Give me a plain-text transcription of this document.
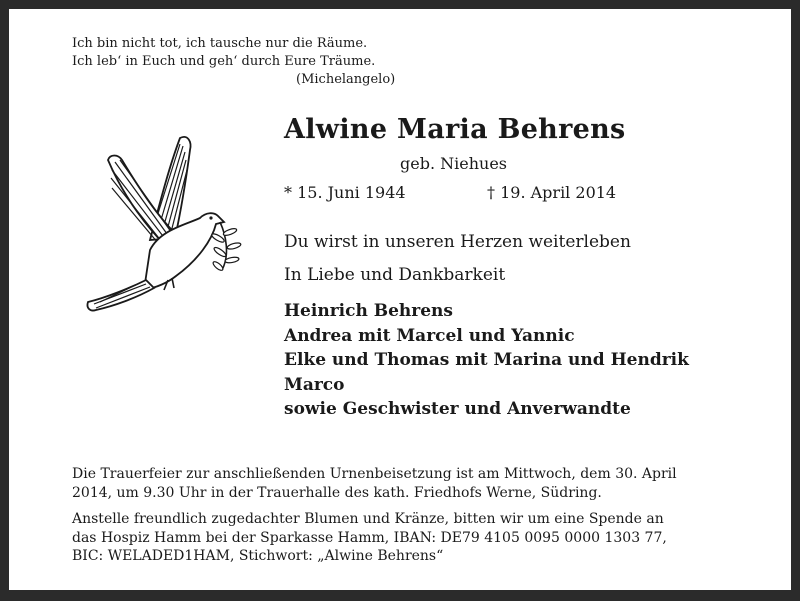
Ich bin nicht tot, ich tausche nur die Räume.
Ich leb‘ in Euch und geh‘ durch Eure Träume.
(Michelangelo)
Alwine Maria Behrens
geb. Niehues
* 15. Juni 1944	† 19. April 2014
Du wirst in unseren Herzen weiterleben
In Liebe und Dankbarkeit
Heinrich Behrens
Andrea mit Marcel und Yannic
Elke und Thomas mit Marina und Hendrik
Marco
sowie Geschwister und Anverwandte
Die Trauerfeier zur anschließenden Urnenbeisetzung ist am Mittwoch, dem 30. April
2014, um 9.30 Uhr in der Trauerhalle des kath. Friedhofs Werne, Südring.
Anstelle freundlich zugedachter Blumen und Kränze, bitten wir um eine Spende an
das Hospiz Hamm bei der Sparkasse Hamm, IBAN: DE79 4105 0095 0000 1303 77,
BIC: WELADED1HAM, Stichwort: „Alwine Behrens“
